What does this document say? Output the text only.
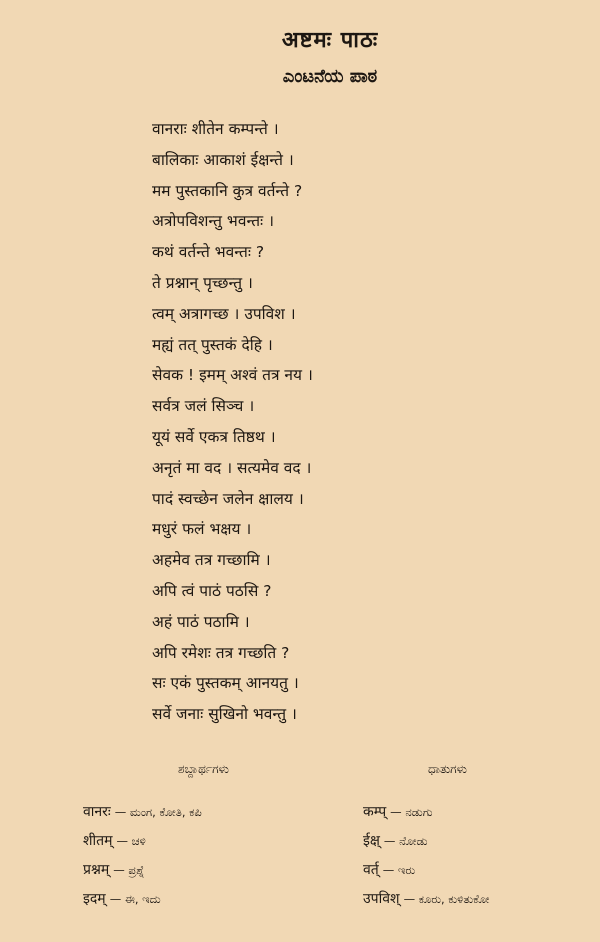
अष्टमः पाठः
ಎಂಟನೆಯ ಪಾಠ
वानराः शीतेन कम्पन्ते ।
बालिकाः आकाशं ईक्षन्ते ।
मम पुस्तकानि कुत्र वर्तन्ते ?
अत्रोपविशन्तु भवन्तः ।
कथं वर्तन्ते भवन्तः ?
ते प्रश्नान् पृच्छन्तु ।
त्वम् अत्रागच्छ । उपविश ।
मह्यं तत् पुस्तकं देहि ।
सेवक ! इमम् अश्वं तत्र नय ।
सर्वत्र जलं सिञ्च ।
यूयं सर्वे एकत्र तिष्ठथ ।
अनृतं मा वद । सत्यमेव वद ।
पादं स्वच्छेन जलेन क्षालय ।
मधुरं फलं भक्षय ।
अहमेव तत्र गच्छामि ।
अपि त्वं पाठं पठसि ?
अहं पाठं पठामि ।
अपि रमेशः तत्र गच्छति ?
सः एकं पुस्तकम् आनयतु ।
सर्वे जनाः सुखिनो भवन्तु ।
ಶಬ್ದಾರ್ಥಗಳು	ಧಾತುಗಳು
वानरः — ಮಂಗ, ಕೋತಿ, ಕಪಿ
शीतम् — ಚಳಿ
प्रश्नम् — ಪ್ರಶ್ನೆ
इदम् — ಈ, ಇದು
कम्प् — ನಡುಗು
ईक्ष् — ನೋಡು
वर्त् — ಇರು
उपविश् — ಕೂರು, ಕುಳಿತುಕೋ
